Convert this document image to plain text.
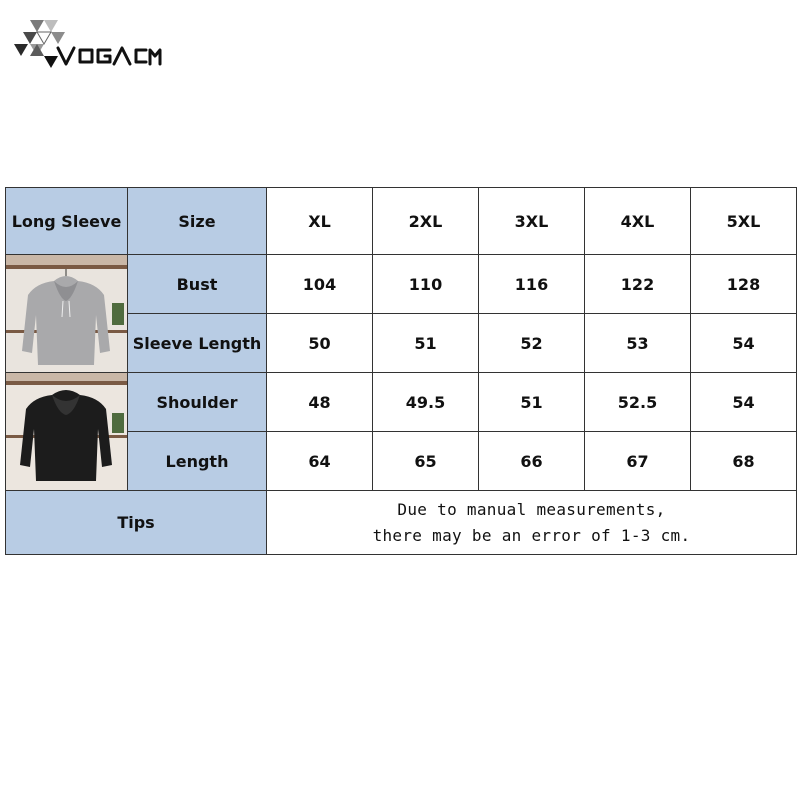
Long Sleeve	Size	XL	2XL	3XL	4XL	5XL

	Bust	104	110	116	122	128
	Sleeve Length	50	51	52	53	54

	Shoulder	48	49.5	51	52.5	54
	Length	64	65	66	67	68
Tips		Due to manual measurements,
there may be an error of 1-3 cm.				
